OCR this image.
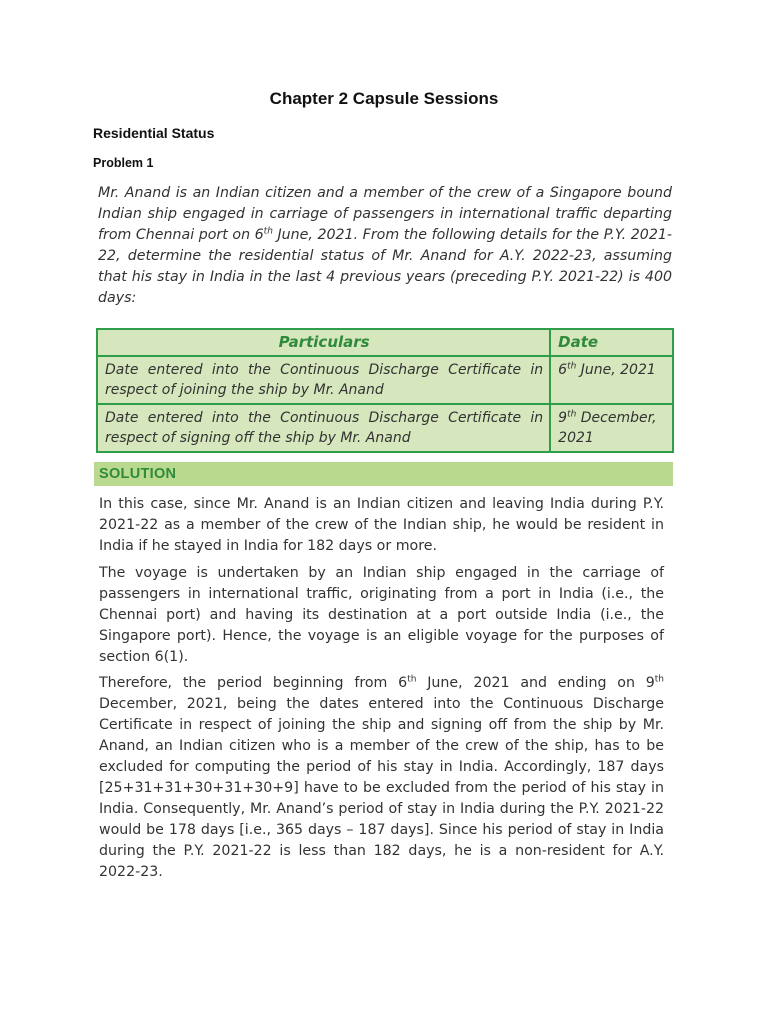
Chapter 2 Capsule Sessions
Residential Status
Problem 1
Mr. Anand is an Indian citizen and a member of the crew of a Singapore bound Indian ship engaged in carriage of passengers in international traffic departing from Chennai port on 6th June, 2021. From the following details for the P.Y. 2021-22, determine the residential status of Mr. Anand for A.Y. 2022-23, assuming that his stay in India in the last 4 previous years (preceding P.Y. 2021-22) is 400 days:
Particulars	Date
Date entered into the Continuous Discharge Certificate in respect of joining the ship by Mr. Anand	6th June, 2021
Date entered into the Continuous Discharge Certificate in respect of signing off the ship by Mr. Anand	9th December, 2021
SOLUTION
In this case, since Mr. Anand is an Indian citizen and leaving India during P.Y. 2021-22 as a member of the crew of the Indian ship, he would be resident in India if he stayed in India for 182 days or more.
The voyage is undertaken by an Indian ship engaged in the carriage of passengers in international traffic, originating from a port in India (i.e., the Chennai port) and having its destination at a port outside India (i.e., the Singapore port). Hence, the voyage is an eligible voyage for the purposes of section 6(1).
Therefore, the period beginning from 6th June, 2021 and ending on 9th December, 2021, being the dates entered into the Continuous Discharge Certificate in respect of joining the ship and signing off from the ship by Mr. Anand, an Indian citizen who is a member of the crew of the ship, has to be excluded for computing the period of his stay in India. Accordingly, 187 days [25+31+31+30+31+30+9] have to be excluded from the period of his stay in India. Consequently, Mr. Anand’s period of stay in India during the P.Y. 2021-22 would be 178 days [i.e., 365 days – 187 days]. Since his period of stay in India during the P.Y. 2021-22 is less than 182 days, he is a non-resident for A.Y. 2022-23.
